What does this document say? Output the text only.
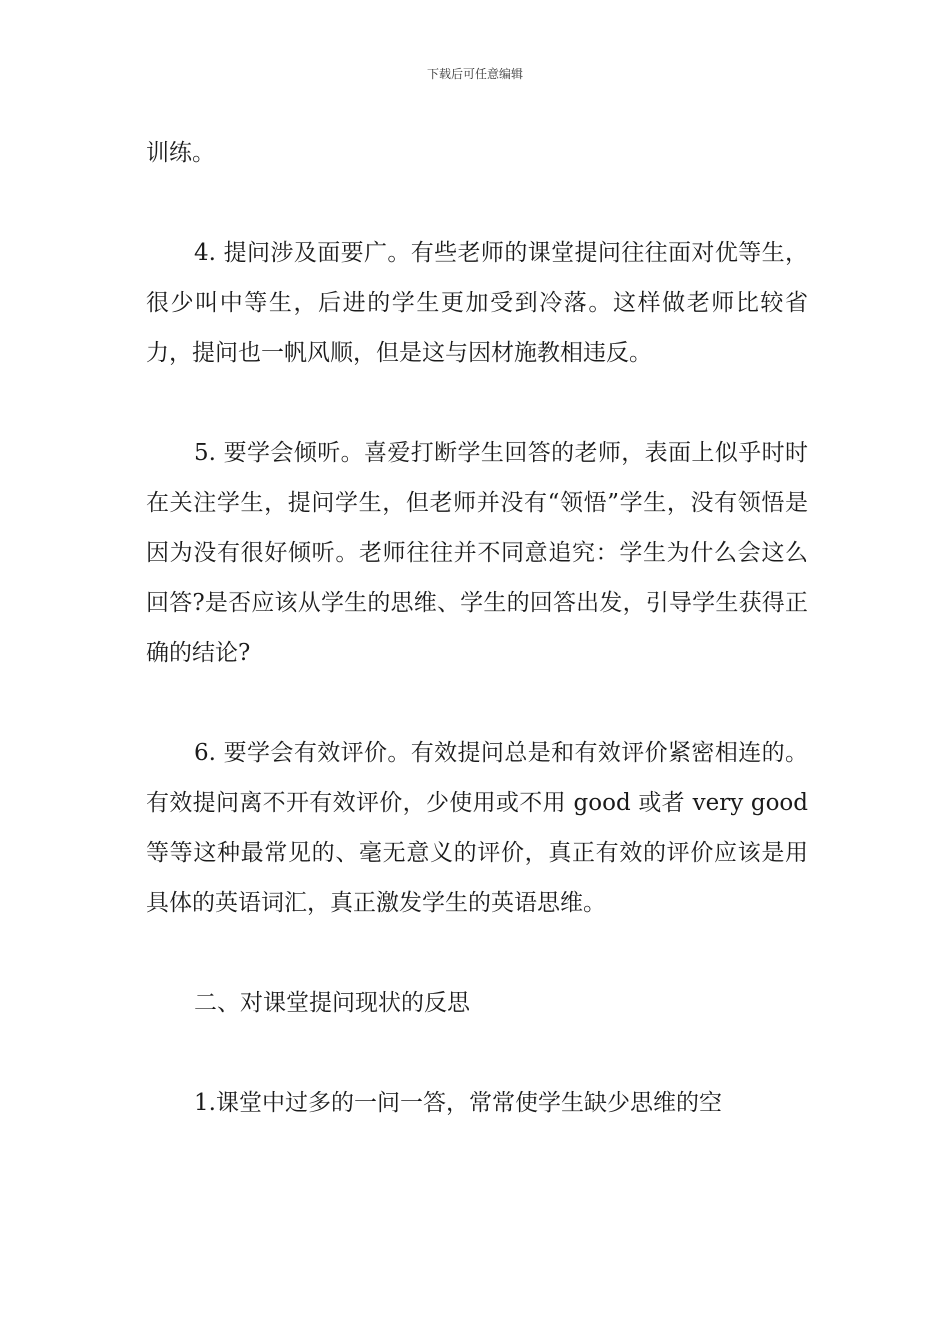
下载后可任意编辑

训练。

4. 提问涉及面要广。有些老师的课堂提问往往面对优等生，很少叫中等生，后进的学生更加受到冷落。这样做老师比较省力，提问也一帆风顺，但是这与因材施教相违反。

5. 要学会倾听。喜爱打断学生回答的老师，表面上似乎时时在关注学生，提问学生，但老师并没有“领悟”学生，没有领悟是因为没有很好倾听。老师往往并不同意追究：学生为什么会这么回答?是否应该从学生的思维、学生的回答出发，引导学生获得正确的结论?

6. 要学会有效评价。有效提问总是和有效评价紧密相连的。有效提问离不开有效评价，少使用或不用 good 或者 very good 等等这种最常见的、毫无意义的评价，真正有效的评价应该是用具体的英语词汇，真正激发学生的英语思维。

二、对课堂提问现状的反思

1.课堂中过多的一问一答，常常使学生缺少思维的空
